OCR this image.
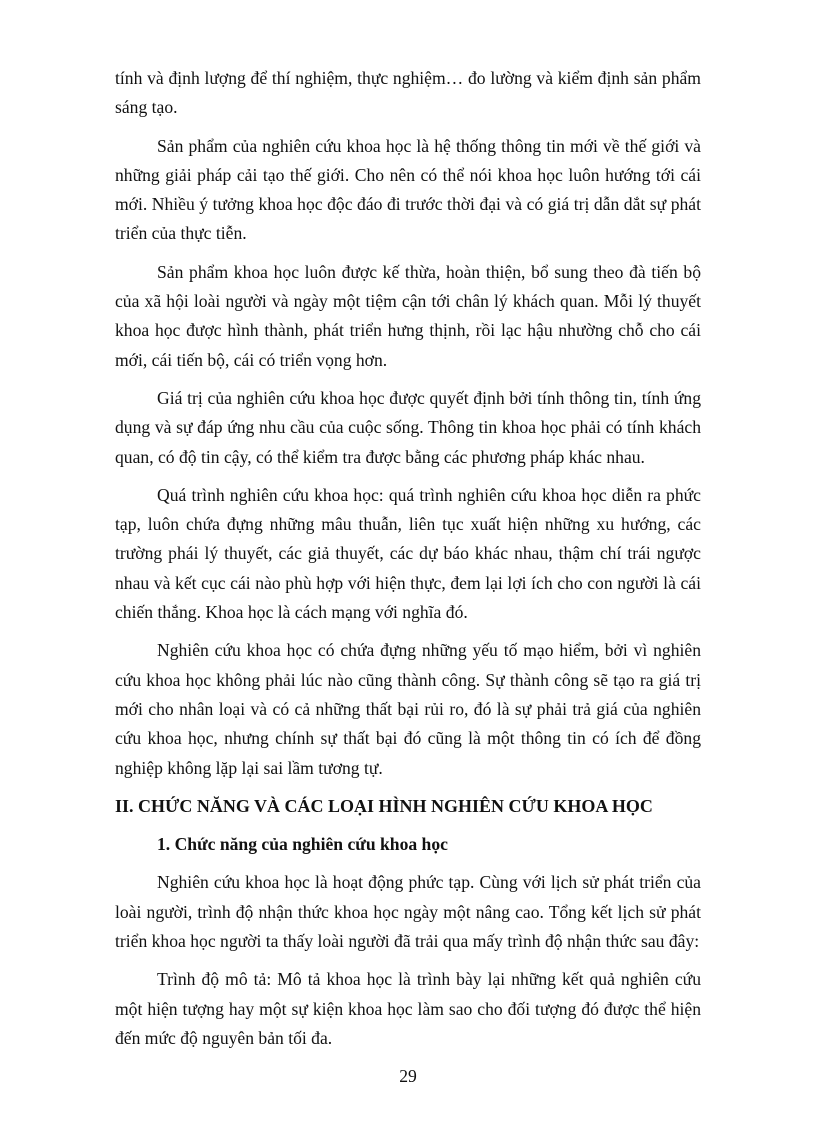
tính và định lượng để thí nghiệm, thực nghiệm… đo lường và kiểm định sản phẩm sáng tạo.

Sản phẩm của nghiên cứu khoa học là hệ thống thông tin mới về thế giới và những giải pháp cải tạo thế giới. Cho nên có thể nói khoa học luôn hướng tới cái mới. Nhiều ý tưởng khoa học độc đáo đi trước thời đại và có giá trị dẫn dắt sự phát triển của thực tiễn.

Sản phẩm khoa học luôn được kế thừa, hoàn thiện, bổ sung theo đà tiến bộ của xã hội loài người và ngày một tiệm cận tới chân lý khách quan. Mỗi lý thuyết khoa học được hình thành, phát triển hưng thịnh, rồi lạc hậu nhường chỗ cho cái mới, cái tiến bộ, cái có triển vọng hơn.

Giá trị của nghiên cứu khoa học được quyết định bởi tính thông tin, tính ứng dụng và sự đáp ứng nhu cầu của cuộc sống. Thông tin khoa học phải có tính khách quan, có độ tin cậy, có thể kiểm tra được bằng các phương pháp khác nhau.

Quá trình nghiên cứu khoa học: quá trình nghiên cứu khoa học diễn ra phức tạp, luôn chứa đựng những mâu thuẫn, liên tục xuất hiện những xu hướng, các trường phái lý thuyết, các giả thuyết, các dự báo khác nhau, thậm chí trái ngược nhau và kết cục cái nào phù hợp với hiện thực, đem lại lợi ích cho con người là cái chiến thắng. Khoa học là cách mạng với nghĩa đó.

Nghiên cứu khoa học có chứa đựng những yếu tố mạo hiểm, bởi vì nghiên cứu khoa học không phải lúc nào cũng thành công. Sự thành công sẽ tạo ra giá trị mới cho nhân loại và có cả những thất bại rủi ro, đó là sự phải trả giá của nghiên cứu khoa học, nhưng chính sự thất bại đó cũng là một thông tin có ích để đồng nghiệp không lặp lại sai lầm tương tự.

II. CHỨC NĂNG VÀ CÁC LOẠI HÌNH NGHIÊN CỨU KHOA HỌC
1. Chức năng của nghiên cứu khoa học

Nghiên cứu khoa học là hoạt động phức tạp. Cùng với lịch sử phát triển của loài người, trình độ nhận thức khoa học ngày một nâng cao. Tổng kết lịch sử phát triển khoa học người ta thấy loài người đã trải qua mấy trình độ nhận thức sau đây:

Trình độ mô tả: Mô tả khoa học là trình bày lại những kết quả nghiên cứu một hiện tượng hay một sự kiện khoa học làm sao cho đối tượng đó được thể hiện đến mức độ nguyên bản tối đa.

29
